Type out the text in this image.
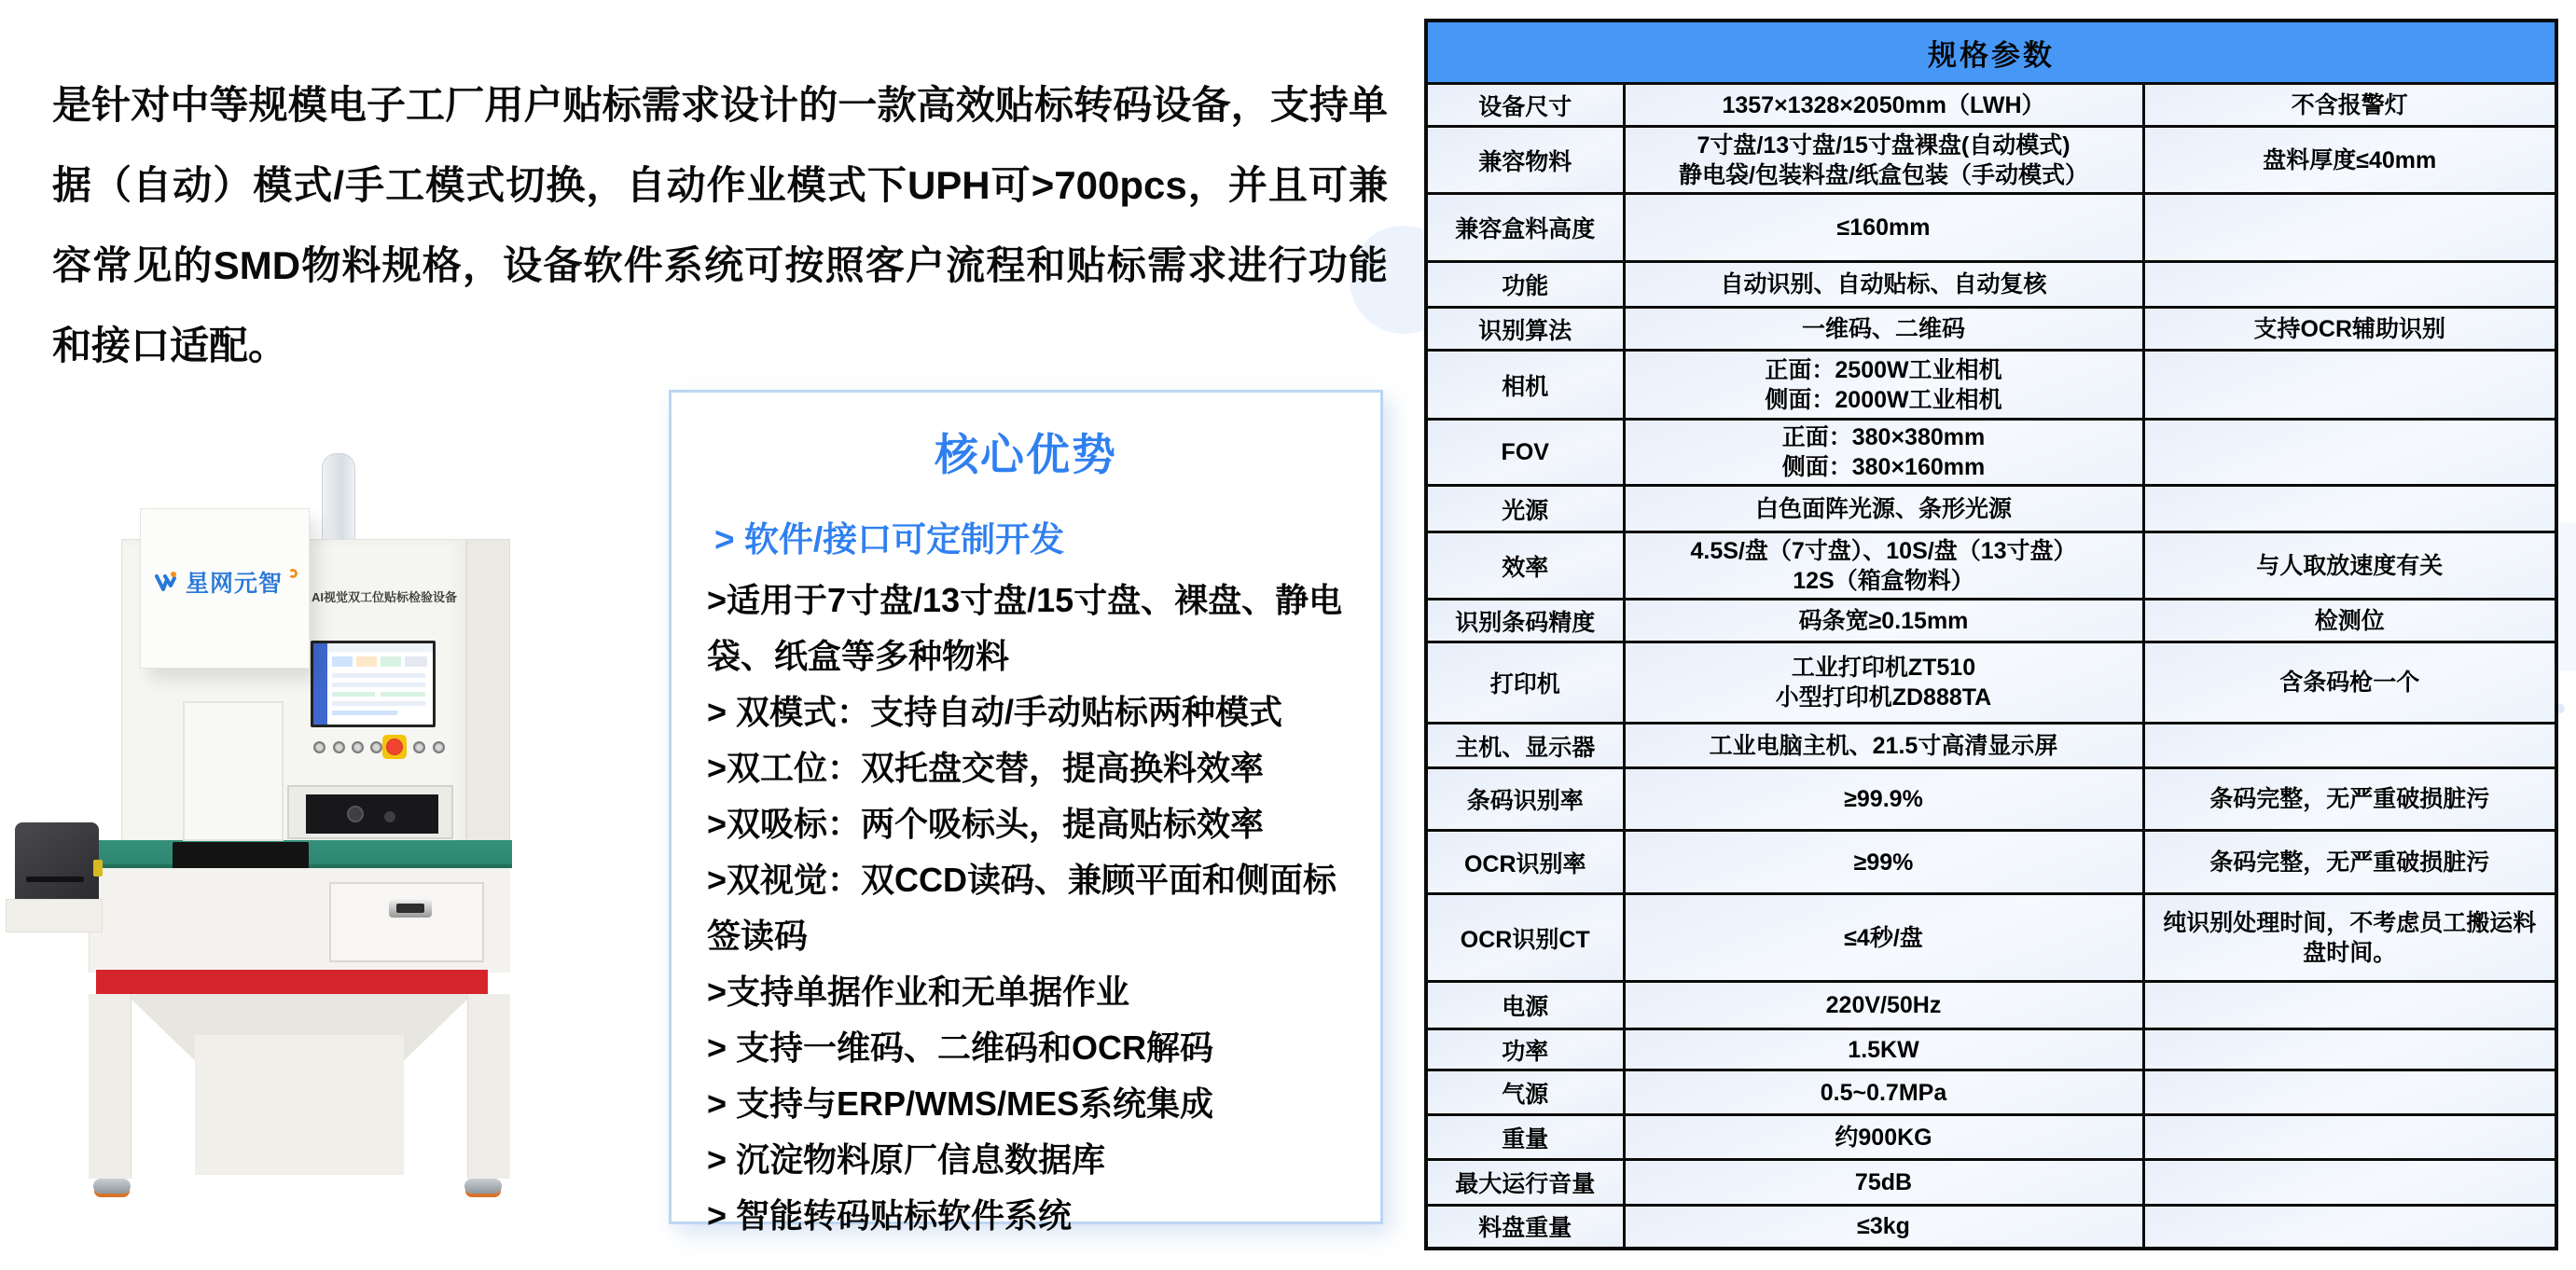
是针对中等规模电子工厂用户贴标需求设计的一款高效贴标转码设备，支持单据（自动）模式/手工模式切换，自动作业模式下UPH可>700pcs，并且可兼容常见的SMD物料规格，设备软件系统可按照客户流程和贴标需求进行功能和接口适配。
AI视觉双工位贴标检验设备
星网元智
核心优势
> 软件/接口可定制开发
>适用于7寸盘/13寸盘/15寸盘、裸盘、静电袋、纸盒等多种物料
> 双模式：支持自动/手动贴标两种模式
>双工位：双托盘交替，提高换料效率
>双吸标：两个吸标头，提高贴标效率
>双视觉：双CCD读码、兼顾平面和侧面标签读码
>支持单据作业和无单据作业
> 支持一维码、二维码和OCR解码
> 支持与ERP/WMS/MES系统集成
> 沉淀物料原厂信息数据库
> 智能转码贴标软件系统
规格参数		
设备尺寸	1357×1328×2050mm（LWH）	不含报警灯
兼容物料	7寸盘/13寸盘/15寸盘裸盘(自动模式)
静电袋/包装料盘/纸盒包装（手动模式）	盘料厚度≤40mm
兼容盒料高度	≤160mm	

功能	自动识别、自动贴标、自动复核	

识别算法	一维码、二维码	支持OCR辅助识别
相机	正面：2500W工业相机
侧面：2000W工业相机	

FOV	正面：380×380mm
侧面：380×160mm	

光源	白色面阵光源、条形光源	

效率	4.5S/盘（7寸盘）、10S/盘（13寸盘）
12S（箱盒物料）	与人取放速度有关
识别条码精度	码条宽≥0.15mm	检测位
打印机	工业打印机ZT510
小型打印机ZD888TA	含条码枪一个
主机、显示器	工业电脑主机、21.5寸高清显示屏	

条码识别率	≥99.9%	条码完整，无严重破损脏污
OCR识别率	≥99%	条码完整，无严重破损脏污
OCR识别CT	≤4秒/盘	纯识别处理时间，不考虑员工搬运料盘时间。
电源	220V/50Hz	

功率	1.5KW	

气源	0.5~0.7MPa	

重量	约900KG	

最大运行音量	75dB	

料盘重量	≤3kg	
